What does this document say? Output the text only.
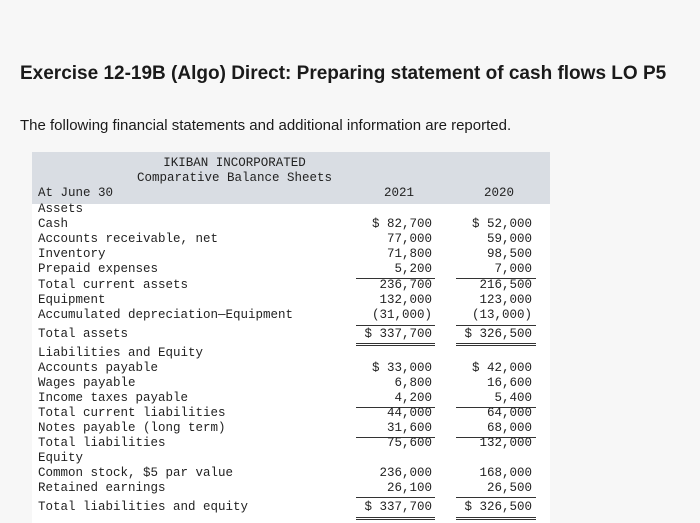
Exercise 12-19B (Algo) Direct: Preparing statement of cash flows LO P5
The following financial statements and additional information are reported.
IKIBAN INCORPORATED
Comparative Balance Sheets
At June 30	2021	2020
Assets
Cash	$ 82,700	$ 52,000
Accounts receivable, net	77,000	59,000
Inventory	71,800	98,500
Prepaid expenses	5,200	7,000
Total current assets	236,700	216,500
Equipment	132,000	123,000
Accumulated depreciation—Equipment	(31,000)	(13,000)
Total assets	$ 337,700	$ 326,500
Liabilities and Equity
Accounts payable	$ 33,000	$ 42,000
Wages payable	6,800	16,600
Income taxes payable	4,200	5,400
Total current liabilities	44,000	64,000
Notes payable (long term)	31,600	68,000
Total liabilities	75,600	132,000
Equity
Common stock, $5 par value	236,000	168,000
Retained earnings	26,100	26,500
Total liabilities and equity	$ 337,700	$ 326,500
